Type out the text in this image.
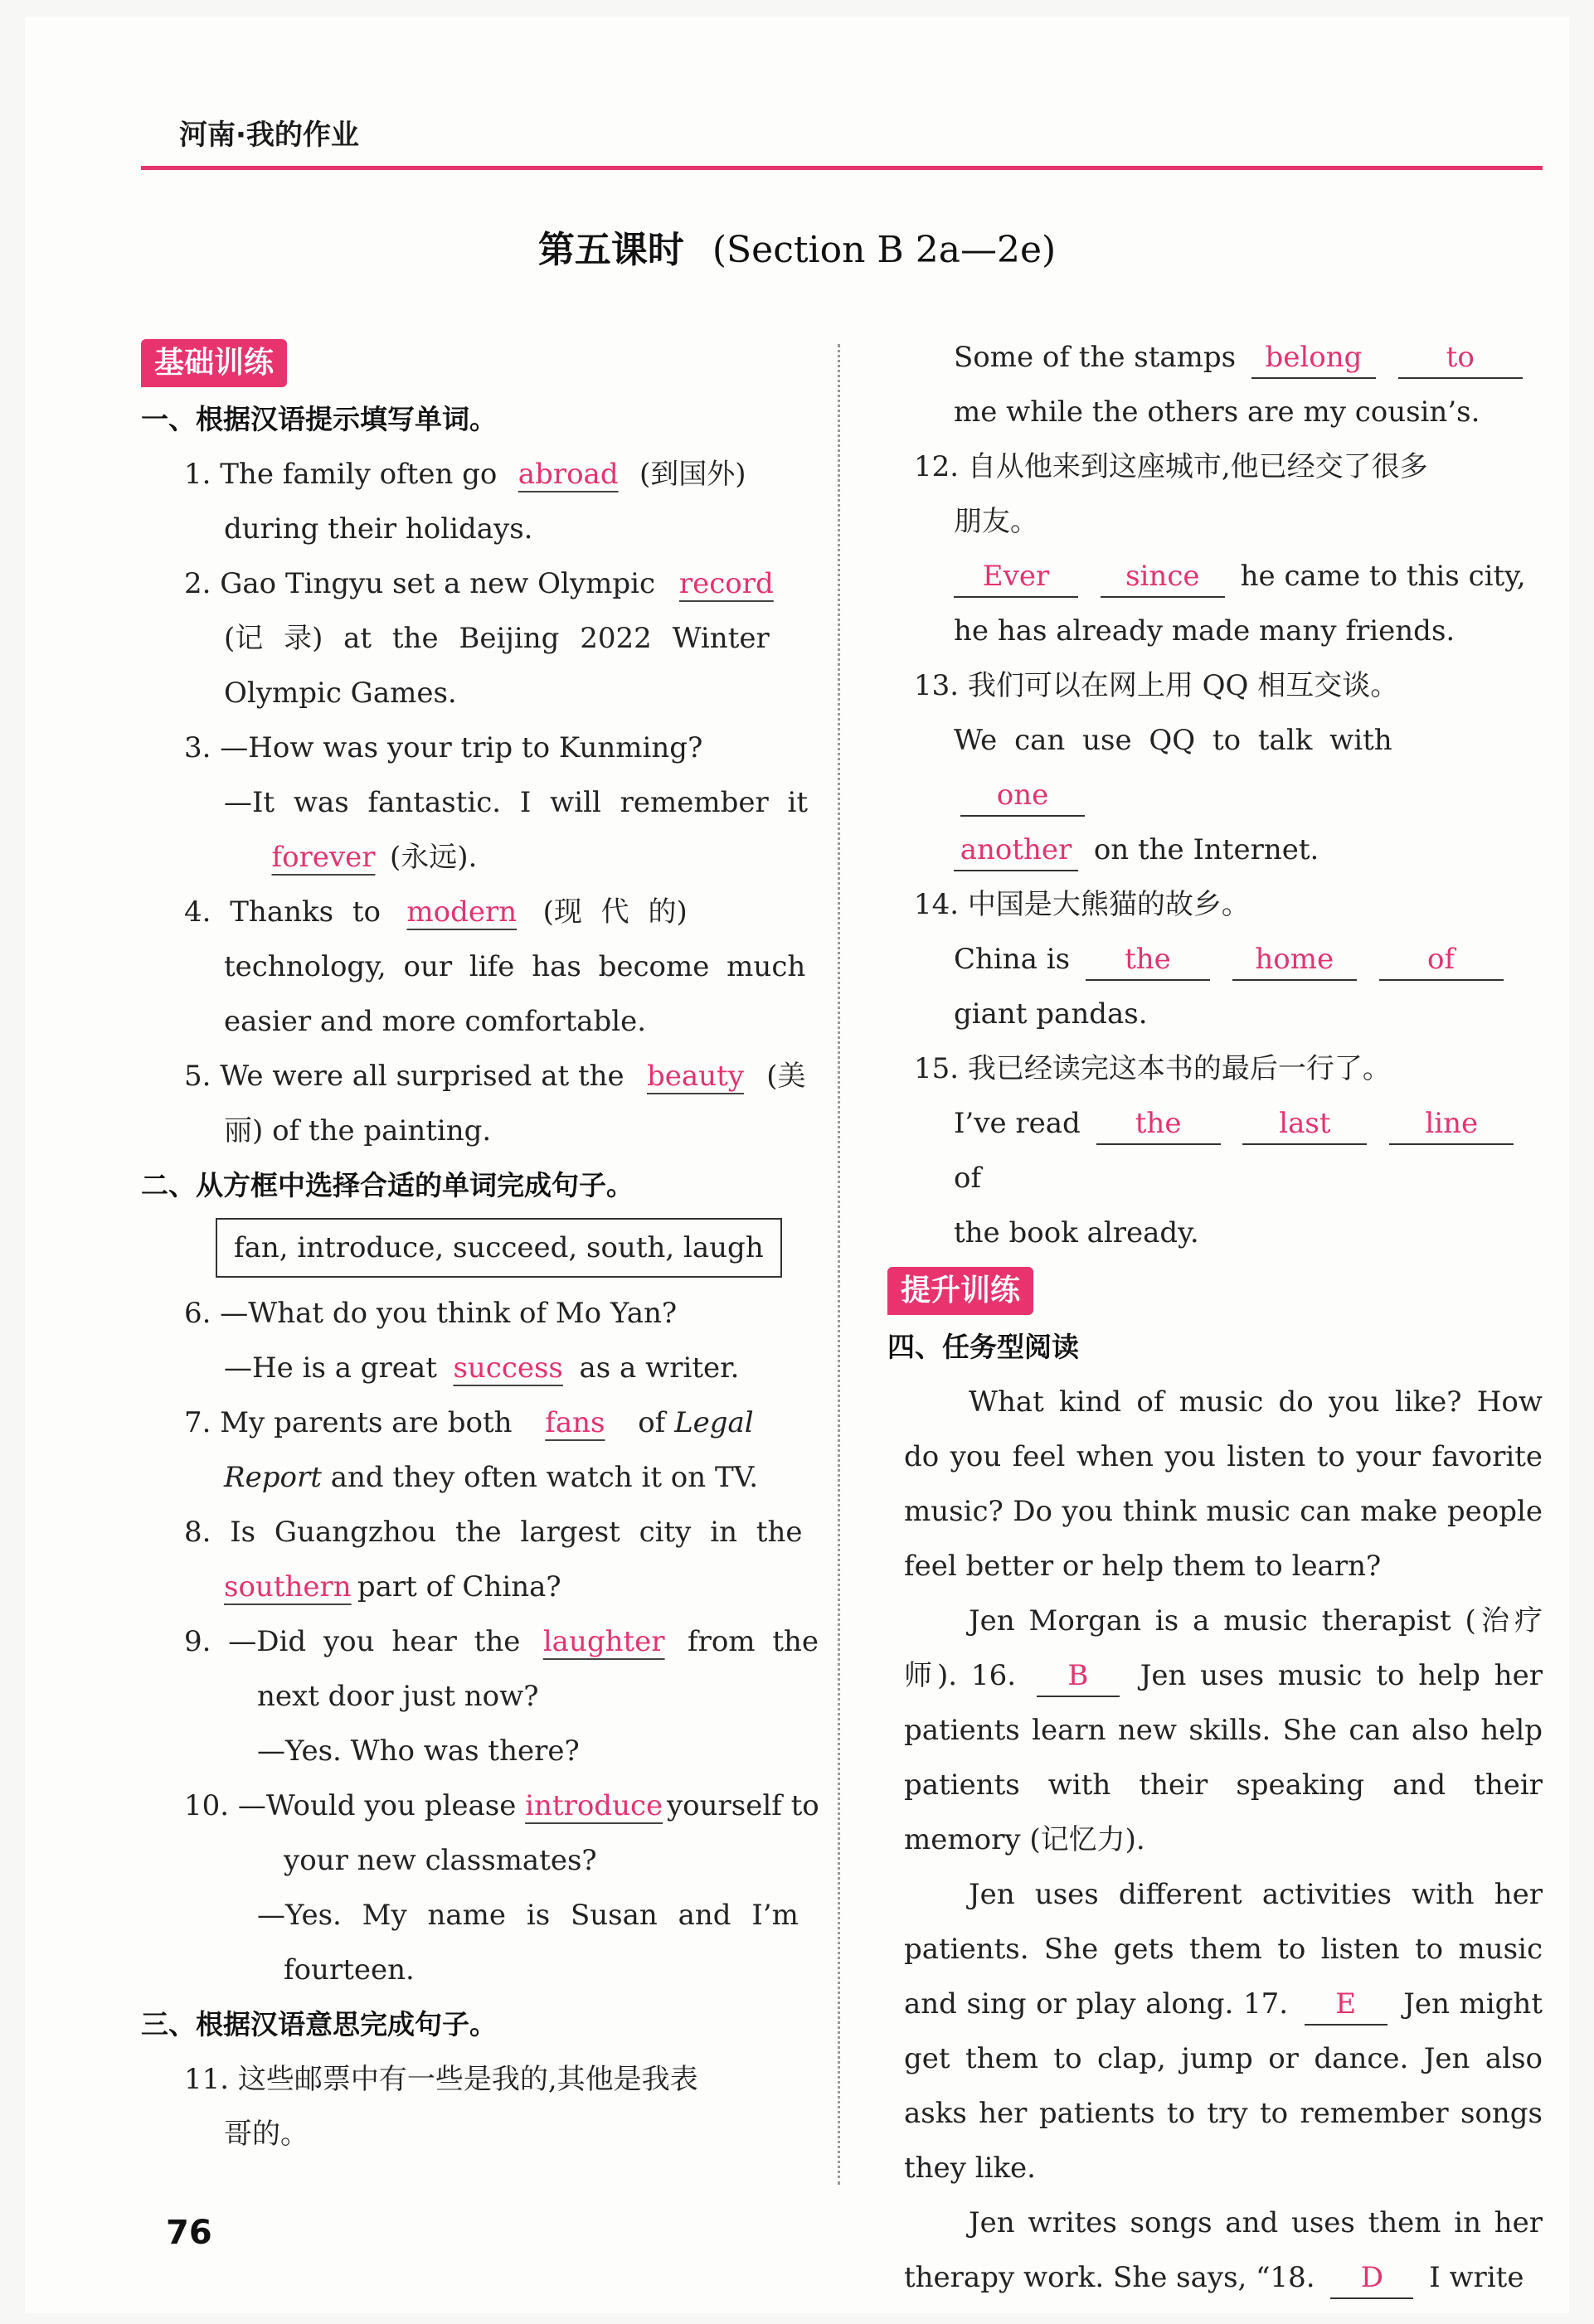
河南·我的作业
第五课时 (Section B 2a—2e)
基础训练
一、根据汉语提示填写单词。
1. The family often go abroad (到国外)
during their holidays.
2. Gao Tingyu set a new Olympic record
(记 录) at the Beijing 2022 Winter
Olympic Games.
3. —How was your trip to Kunming?
—It was fantastic. I will remember it
forever (永远).
4. Thanks to modern (现 代 的)
technology, our life has become much
easier and more comfortable.
5. We were all surprised at the beauty (美
丽) of the painting.
二、从方框中选择合适的单词完成句子。
fan, introduce, succeed, south, laugh
6. —What do you think of Mo Yan?
—He is a great success as a writer.
7. My parents are both fans of Legal
Report and they often watch it on TV.
8. Is Guangzhou the largest city in the
southern part of China?
9. —Did you hear the laughter from the
next door just now?
—Yes. Who was there?
10. —Would you please introduce yourself to
your new classmates?
—Yes. My name is Susan and I’m
fourteen.
三、根据汉语意思完成句子。
11. 这些邮票中有一些是我的,其他是我表
哥的。
Some of the stamps belong	to
me while the others are my cousin’s.
12. 自从他来到这座城市,他已经交了很多
朋友。
Ever	since he came to this city,
he has already made many friends.
13. 我们可以在网上用 QQ 相互交谈。
We can use QQ to talk with one
another on the Internet.
14. 中国是大熊猫的故乡。
China is the	home	of
giant pandas.
15. 我已经读完这本书的最后一行了。
I’ve read the	last	line of
the book already.
提升训练
四、任务型阅读
What kind of music do you like? How do you feel when you listen to your favorite music? Do you think music can make people feel better or help them to learn?
Jen Morgan is a music therapist (治疗师). 16. B Jen uses music to help her patients learn new skills. She can also help patients with their speaking and their memory (记忆力).
Jen uses different activities with her patients. She gets them to listen to music and sing or play along. 17. E Jen might get them to clap, jump or dance. Jen also asks her patients to try to remember songs they like.
Jen writes songs and uses them in her therapy work. She says, “18. D I write
76
